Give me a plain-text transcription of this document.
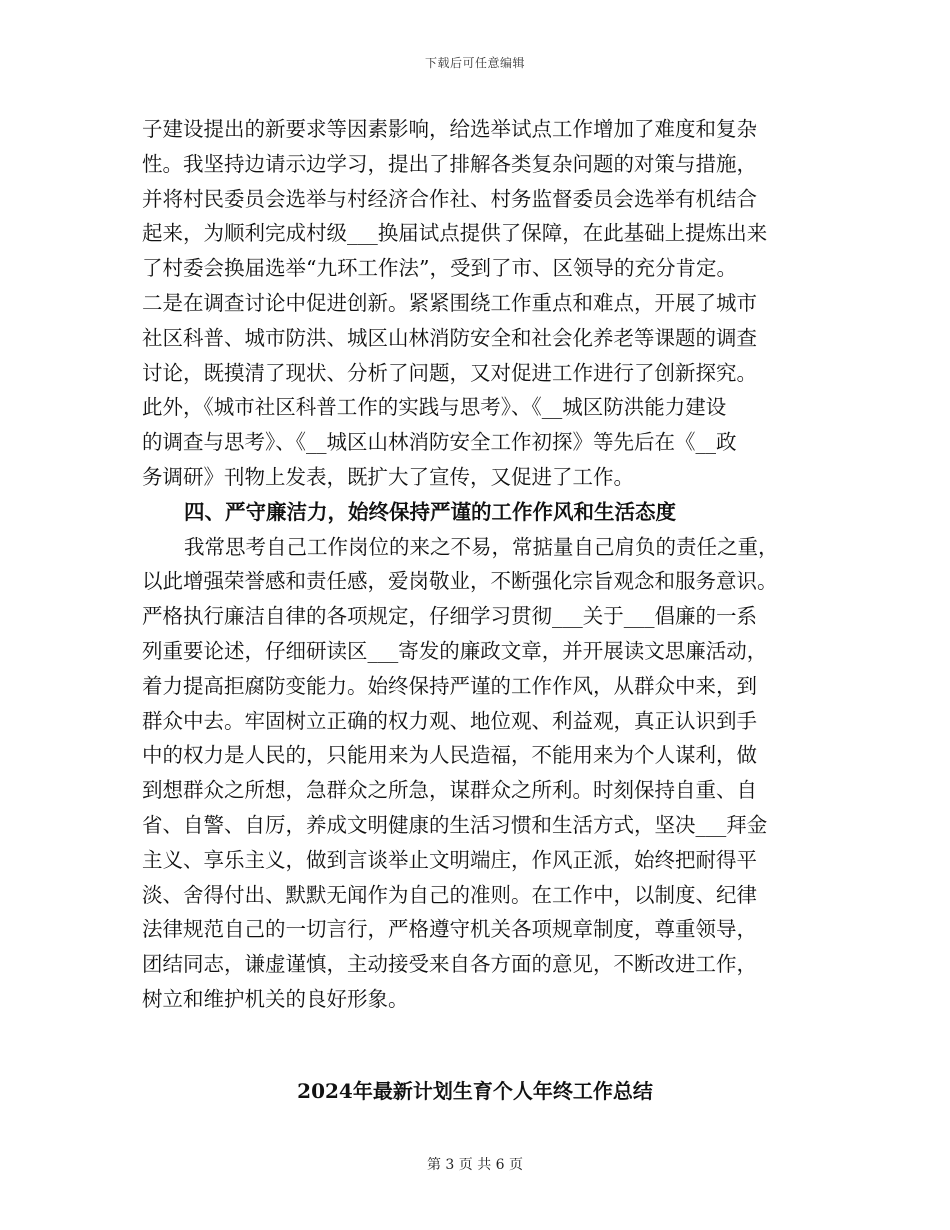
下载后可任意编辑
子建设提出的新要求等因素影响，给选举试点工作增加了难度和复杂
性。我坚持边请示边学习，提出了排解各类复杂问题的对策与措施，
并将村民委员会选举与村经济合作社、村务监督委员会选举有机结合
起来，为顺利完成村级___换届试点提供了保障，在此基础上提炼出来
了村委会换届选举“九环工作法”，受到了市、区领导的充分肯定。
二是在调查讨论中促进创新。紧紧围绕工作重点和难点，开展了城市
社区科普、城市防洪、城区山林消防安全和社会化养老等课题的调查
讨论，既摸清了现状、分析了问题，又对促进工作进行了创新探究。
此外，《城市社区科普工作的实践与思考》、《__城区防洪能力建设
的调查与思考》、《__城区山林消防安全工作初探》等先后在《__政
务调研》刊物上发表，既扩大了宣传，又促进了工作。
四、严守廉洁力，始终保持严谨的工作作风和生活态度
我常思考自己工作岗位的来之不易，常掂量自己肩负的责任之重，
以此增强荣誉感和责任感，爱岗敬业，不断强化宗旨观念和服务意识。
严格执行廉洁自律的各项规定，仔细学习贯彻___关于___倡廉的一系
列重要论述，仔细研读区___寄发的廉政文章，并开展读文思廉活动，
着力提高拒腐防变能力。始终保持严谨的工作作风，从群众中来，到
群众中去。牢固树立正确的权力观、地位观、利益观，真正认识到手
中的权力是人民的，只能用来为人民造福，不能用来为个人谋利，做
到想群众之所想，急群众之所急，谋群众之所利。时刻保持自重、自
省、自警、自厉，养成文明健康的生活习惯和生活方式，坚决___拜金
主义、享乐主义，做到言谈举止文明端庄，作风正派，始终把耐得平
淡、舍得付出、默默无闻作为自己的准则。在工作中，以制度、纪律
法律规范自己的一切言行，严格遵守机关各项规章制度，尊重领导，
团结同志，谦虚谨慎，主动接受来自各方面的意见，不断改进工作，
树立和维护机关的良好形象。
2024年最新计划生育个人年终工作总结
第 3 页 共 6 页
